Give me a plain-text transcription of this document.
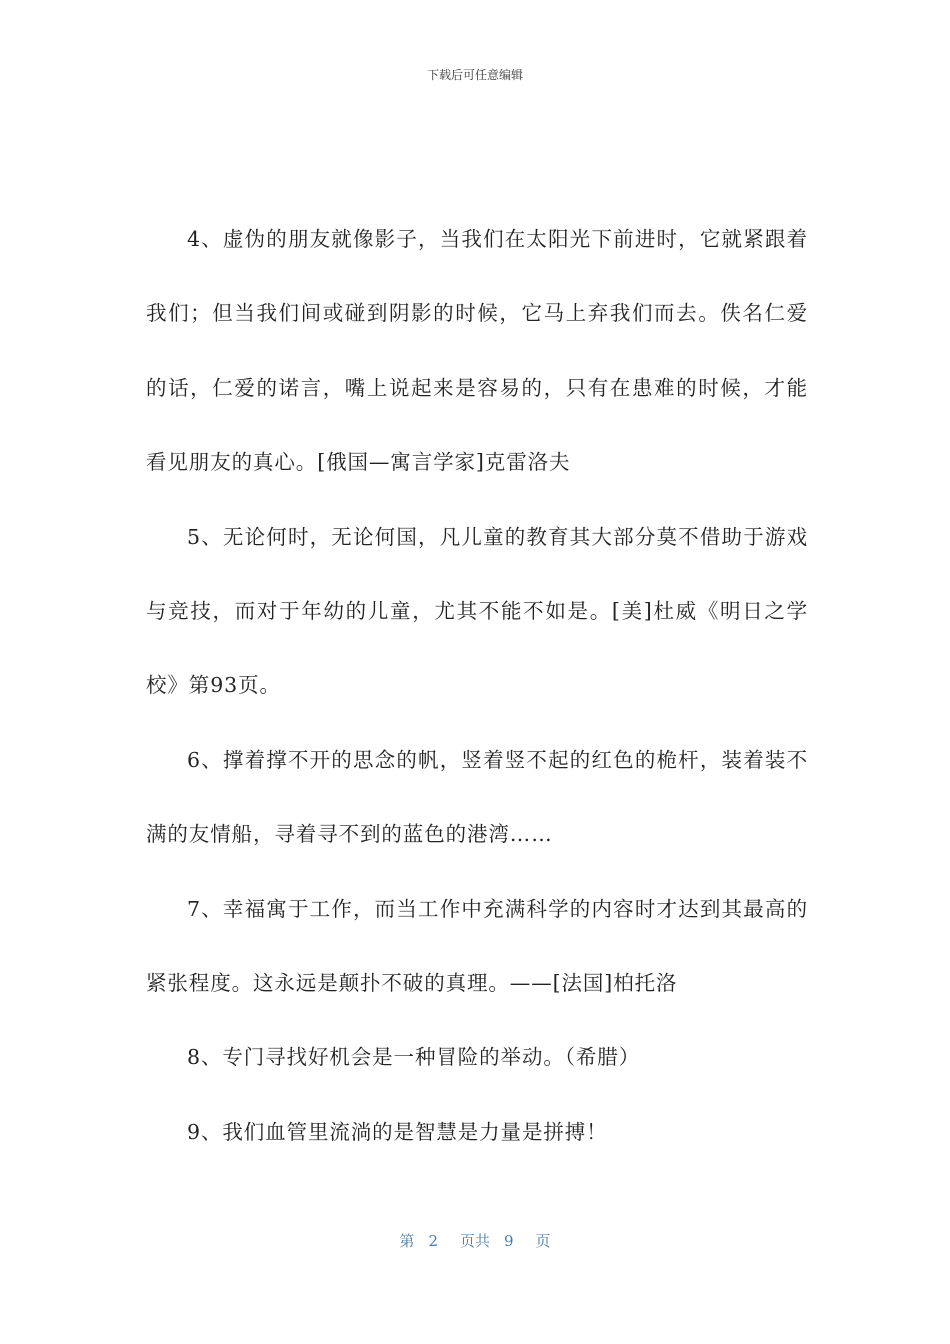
下载后可任意编辑

4、虚伪的朋友就像影子，当我们在太阳光下前进时，它就紧跟着我们；但当我们间或碰到阴影的时候，它马上弃我们而去。佚名仁爱的话，仁爱的诺言，嘴上说起来是容易的，只有在患难的时候，才能看见朋友的真心。[俄国—寓言学家]克雷洛夫

5、无论何时，无论何国，凡儿童的教育其大部分莫不借助于游戏与竞技，而对于年幼的儿童，尤其不能不如是。[美]杜威《明日之学校》第93页。

6、撑着撑不开的思念的帆，竖着竖不起的红色的桅杆，装着装不满的友情船，寻着寻不到的蓝色的港湾……

7、幸福寓于工作，而当工作中充满科学的内容时才达到其最高的紧张程度。这永远是颠扑不破的真理。——[法国]柏托洛

8、专门寻找好机会是一种冒险的举动。（希腊）

9、我们血管里流淌的是智慧是力量是拼搏！

第 2 页共 9 页
